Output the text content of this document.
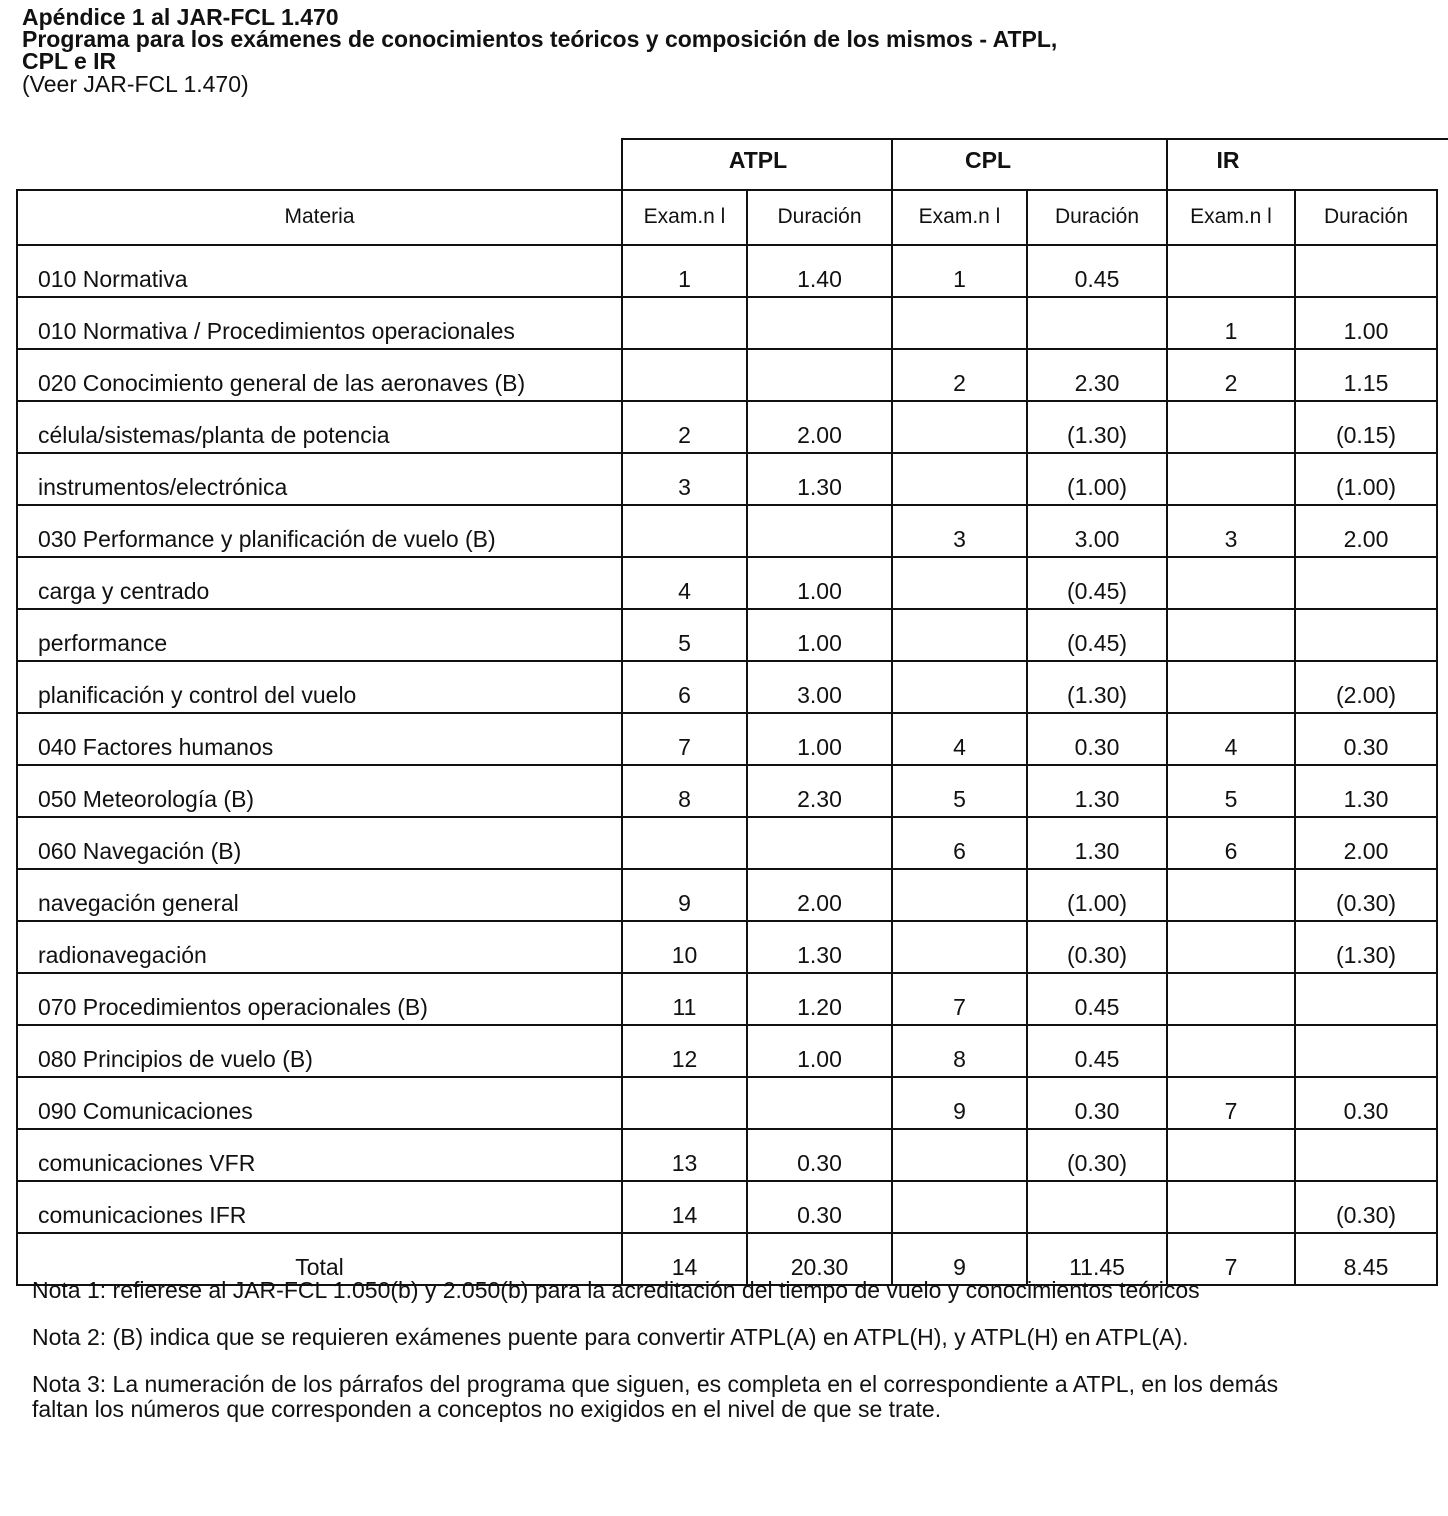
Apéndice 1 al JAR-FCL 1.470
Programa para los exámenes de conocimientos teóricos y composición de los mismos - ATPL,
CPL e IR
(Veer JAR-FCL 1.470)
ATPL	CPL	IR
Materia	Exam.n l	Duración	Exam.n l	Duración	Exam.n l	Duración
010 Normativa	1	1.40	1	0.45		
010 Normativa / Procedimientos operacionales					1	1.00
020 Conocimiento general de las aeronaves (B)			2	2.30	2	1.15
célula/sistemas/planta de potencia	2	2.00		(1.30)		(0.15)
instrumentos/electrónica	3	1.30		(1.00)		(1.00)
030 Performance y planificación de vuelo (B)			3	3.00	3	2.00
carga y centrado	4	1.00		(0.45)		
performance	5	1.00		(0.45)		
planificación y control del vuelo	6	3.00		(1.30)		(2.00)
040 Factores humanos	7	1.00	4	0.30	4	0.30
050 Meteorología (B)	8	2.30	5	1.30	5	1.30
060 Navegación (B)			6	1.30	6	2.00
navegación general	9	2.00		(1.00)		(0.30)
radionavegación	10	1.30		(0.30)		(1.30)
070 Procedimientos operacionales (B)	11	1.20	7	0.45		
080 Principios de vuelo (B)	12	1.00	8	0.45		
090 Comunicaciones			9	0.30	7	0.30
comunicaciones VFR	13	0.30		(0.30)		
comunicaciones IFR	14	0.30				(0.30)
Total	14	20.30	9	11.45	7	8.45

Nota 1: refierese al JAR-FCL 1.050(b) y 2.050(b) para la acreditación del tiempo de vuelo y conocimientos teóricos

Nota 2: (B) indica que se requieren exámenes puente para convertir ATPL(A) en ATPL(H), y ATPL(H) en ATPL(A).

Nota 3: La numeración de los párrafos del programa que siguen, es completa en el correspondiente a ATPL, en los demás faltan los números que corresponden a conceptos no exigidos en el nivel de que se trate.
